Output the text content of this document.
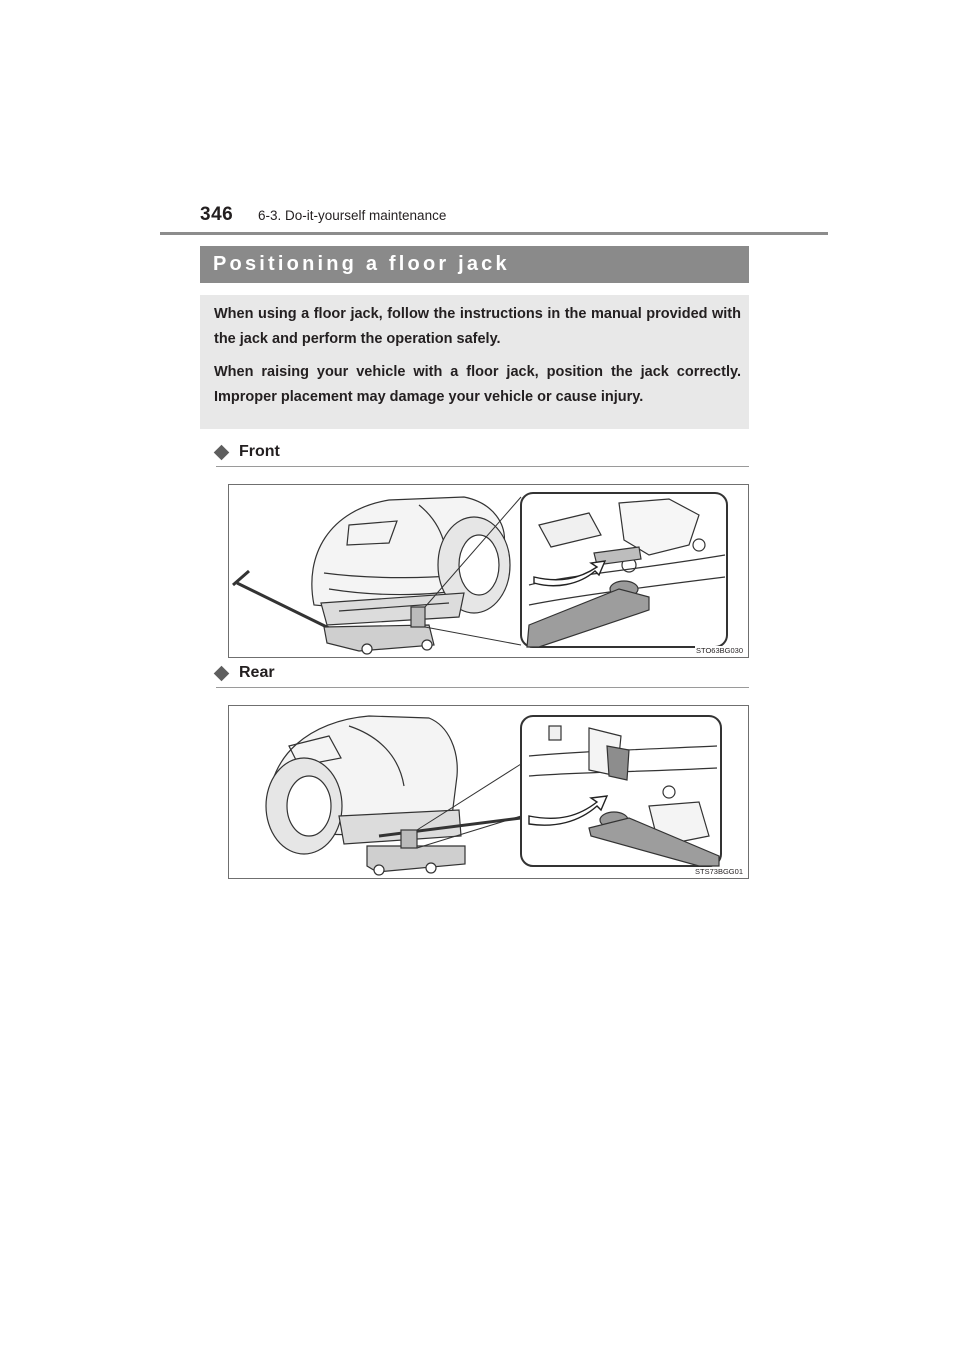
346 6-3. Do-it-yourself maintenance
Positioning a floor jack

When using a floor jack, follow the instructions in the manual provided with the jack and perform the operation safely.

When raising your vehicle with a floor jack, position the jack correctly. Improper placement may damage your vehicle or cause injury.

Front
STO63BG030
Rear
STS73BGG01
